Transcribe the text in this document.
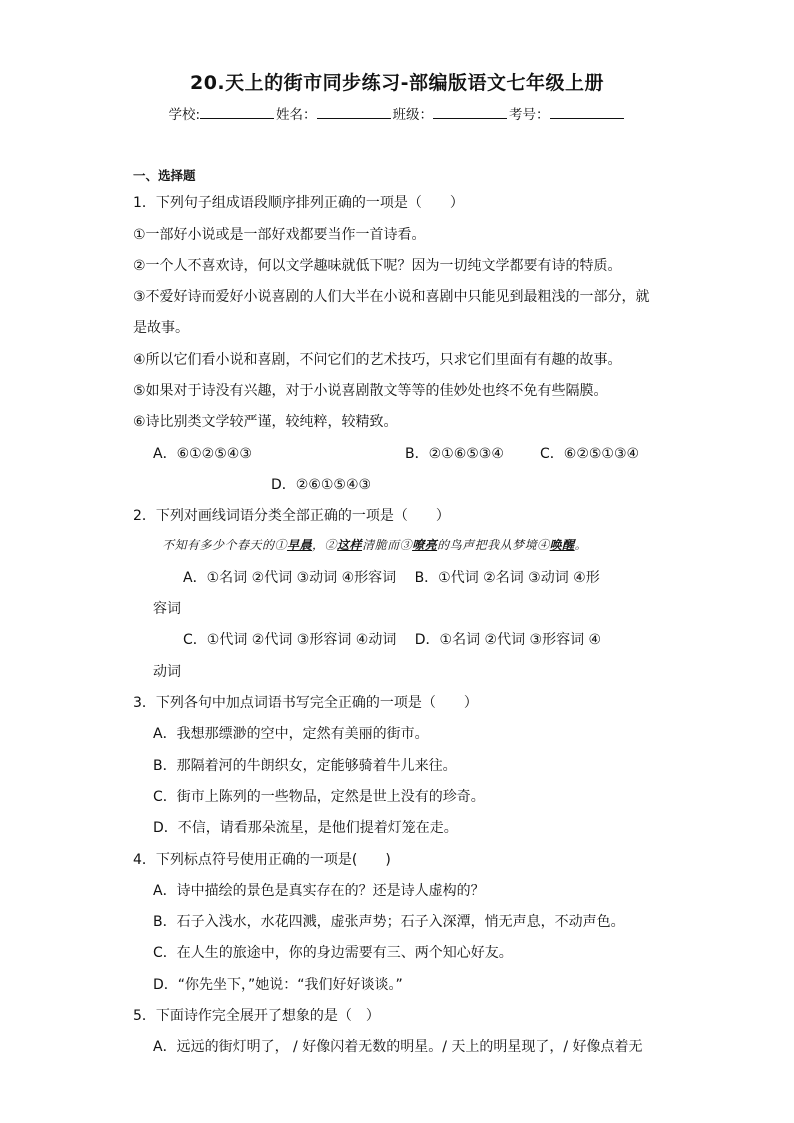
20.天上的街市同步练习-部编版语文七年级上册
学校:	姓名：	班级：	考号：
一、选择题
1．下列句子组成语段顺序排列正确的一项是（　　）
①一部好小说或是一部好戏都要当作一首诗看。
②一个人不喜欢诗，何以文学趣味就低下呢？因为一切纯文学都要有诗的特质。
③不爱好诗而爱好小说喜剧的人们大半在小说和喜剧中只能见到最粗浅的一部分，就
是故事。
④所以它们看小说和喜剧，不问它们的艺术技巧，只求它们里面有有趣的故事。
⑤如果对于诗没有兴趣，对于小说喜剧散文等等的佳妙处也终不免有些隔膜。
⑥诗比别类文学较严谨，较纯粹，较精致。
A．⑥①②⑤④③	B．②①⑥⑤③④	C．⑥②⑤①③④
D．②⑥①⑤④③
2．下列对画线词语分类全部正确的一项是（　　）
不知有多少个春天的①早晨，②这样清脆而③嘹亮的鸟声把我从梦境④唤醒。
A．①名词 ②代词 ③动词 ④形容词　 B．①代词 ②名词 ③动词 ④形
容词
C．①代词 ②代词 ③形容词 ④动词　 D．①名词 ②代词 ③形容词 ④
动词
3．下列各句中加点词语书写完全正确的一项是（　　）
A．我想那缥渺的空中，定然有美丽的街市。
B．那隔着河的牛朗织女，定能够骑着牛儿来往。
C．街市上陈列的一些物品，定然是世上没有的珍奇。
D．不信，请看那朵流星，是他们提着灯笼在走。
4．下列标点符号使用正确的一项是(　　)
A．诗中描绘的景色是真实存在的？还是诗人虚构的？
B．石子入浅水，水花四溅，虚张声势；石子入深潭，悄无声息，不动声色。
C．在人生的旅途中，你的身边需要有三、两个知心好友。
D．“你先坐下，”她说：“我们好好谈谈。”
5．下面诗作完全展开了想象的是（　）
A．远远的街灯明了， / 好像闪着无数的明星。/ 天上的明星现了，/ 好像点着无
